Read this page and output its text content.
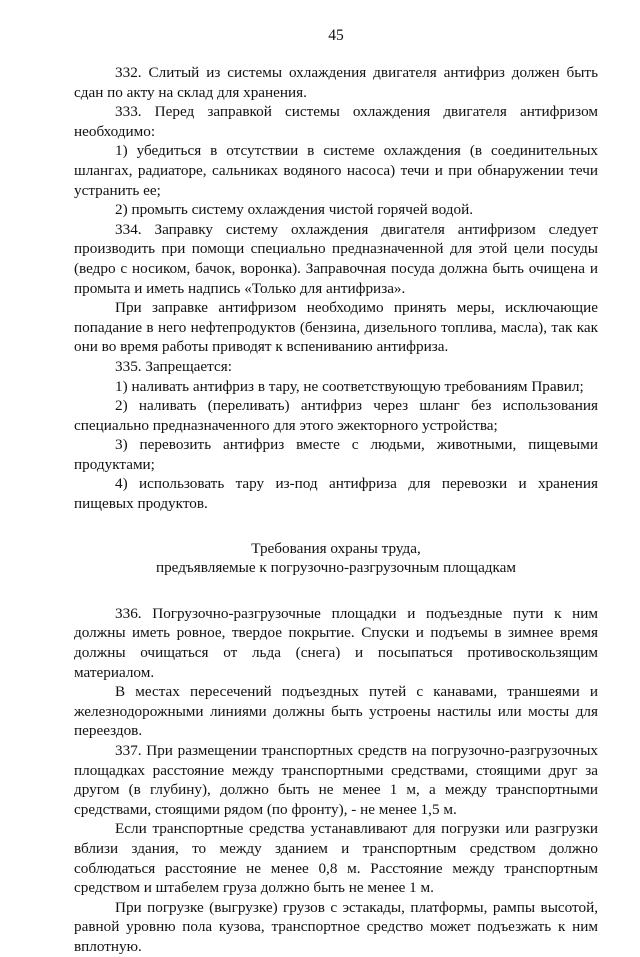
45

332. Слитый из системы охлаждения двигателя антифриз должен быть сдан по акту на склад для хранения.

333. Перед заправкой системы охлаждения двигателя антифризом необходимо:

1) убедиться в отсутствии в системе охлаждения (в соединительных шлангах, радиаторе, сальниках водяного насоса) течи и при обнаружении течи устранить ее;

2) промыть систему охлаждения чистой горячей водой.

334. Заправку систему охлаждения двигателя антифризом следует производить при помощи специально предназначенной для этой цели посуды (ведро с носиком, бачок, воронка). Заправочная посуда должна быть очищена и промыта и иметь надпись «Только для антифриза».

При заправке антифризом необходимо принять меры, исключающие попадание в него нефтепродуктов (бензина, дизельного топлива, масла), так как они во время работы приводят к вспениванию антифриза.

335. Запрещается:

1) наливать антифриз в тару, не соответствующую требованиям Правил;

2) наливать (переливать) антифриз через шланг без использования специально предназначенного для этого эжекторного устройства;

3) перевозить антифриз вместе с людьми, животными, пищевыми продуктами;

4) использовать тару из-под антифриза для перевозки и хранения пищевых продуктов.

Требования охраны труда,
предъявляемые к погрузочно-разгрузочным площадкам

336. Погрузочно-разгрузочные площадки и подъездные пути к ним должны иметь ровное, твердое покрытие. Спуски и подъемы в зимнее время должны очищаться от льда (снега) и посыпаться противоскользящим материалом.

В местах пересечений подъездных путей с канавами, траншеями и железнодорожными линиями должны быть устроены настилы или мосты для переездов.

337. При размещении транспортных средств на погрузочно-разгрузочных площадках расстояние между транспортными средствами, стоящими друг за другом (в глубину), должно быть не менее 1 м, а между транспортными средствами, стоящими рядом (по фронту), - не менее 1,5 м.

Если транспортные средства устанавливают для погрузки или разгрузки вблизи здания, то между зданием и транспортным средством должно соблюдаться расстояние не менее 0,8 м. Расстояние между транспортным средством и штабелем груза должно быть не менее 1 м.

При погрузке (выгрузке) грузов с эстакады, платформы, рампы высотой, равной уровню пола кузова, транспортное средство может подъезжать к ним вплотную.
